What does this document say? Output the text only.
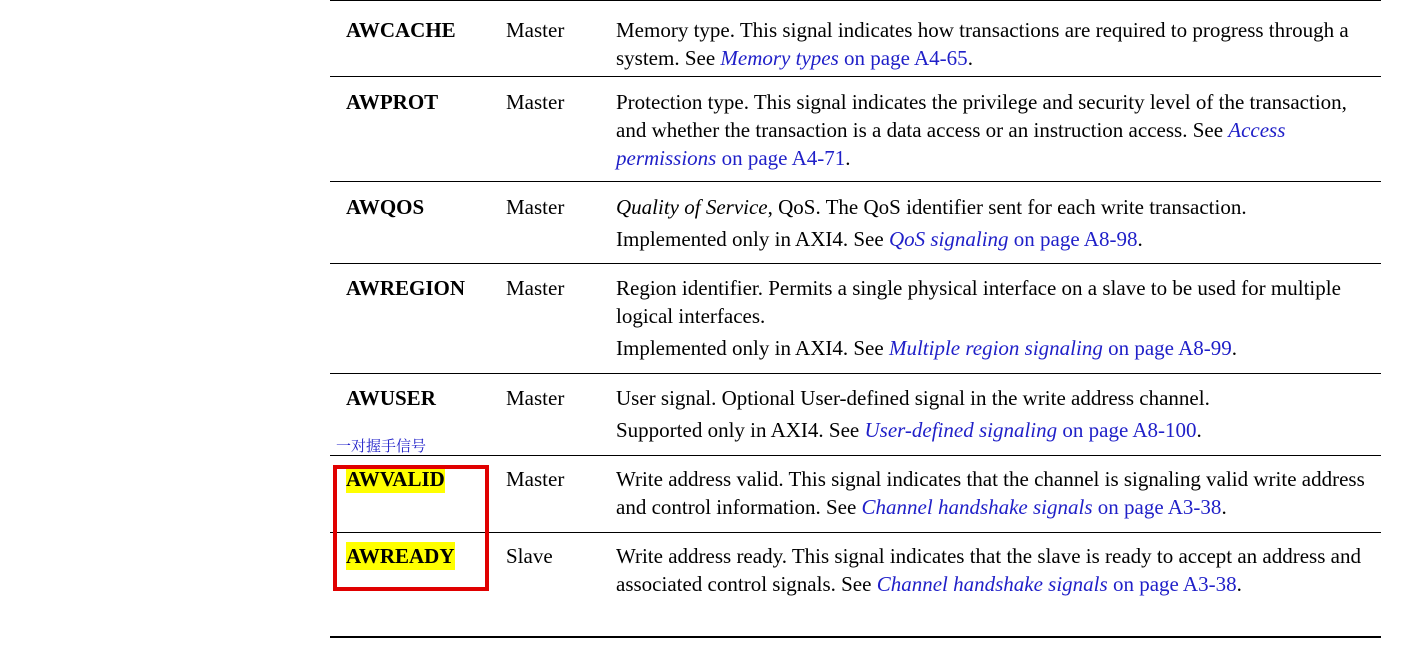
AWCACHE Master Memory type. This signal indicates how transactions are required to progress through a system. See Memory types on page A4-65.

AWPROT	Master Protection type. This signal indicates the privilege and security level of the transaction, and whether the transaction is a data access or an instruction access. See Access permissions on page A4-71.

AWQOS	Master Quality of Service, QoS. The QoS identifier sent for each write transaction.

Implemented only in AXI4. See QoS signaling on page A8-98.

AWREGION Master Region identifier. Permits a single physical interface on a slave to be used for multiple logical interfaces.

Implemented only in AXI4. See Multiple region signaling on page A8-99.

AWUSER	Master User signal. Optional User-defined signal in the write address channel.

Supported only in AXI4. See User-defined signaling on page A8-100.

AWVALID	Master Write address valid. This signal indicates that the channel is signaling valid write address and control information. See Channel handshake signals on page A3-38.

AWREADY Slave	Write address ready. This signal indicates that the slave is ready to accept an address and associated control signals. See Channel handshake signals on page A3-38.

一对握手信号
